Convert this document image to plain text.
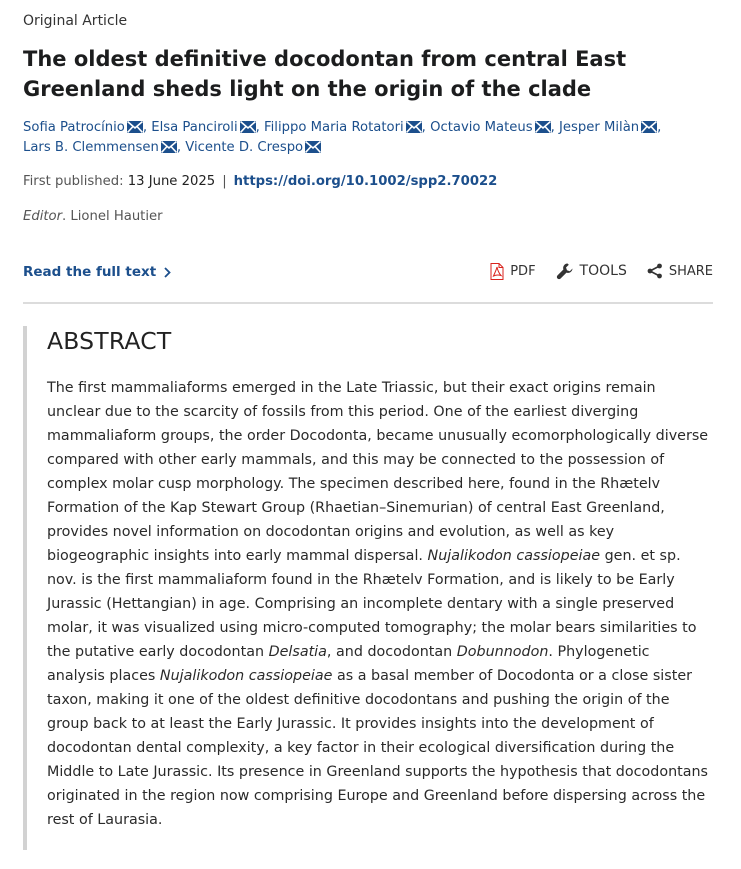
Original Article
The oldest definitive docodontan from central East Greenland sheds light on the origin of the clade
Sofia Patrocínio , Elsa Panciroli , Filippo Maria Rotatori , Octavio Mateus , Jesper Milàn ,
Lars B. Clemmensen , Vicente D. Crespo
First published: 13 June 2025 | https://doi.org/10.1002/spp2.70022
Editor. Lionel Hautier
Read the full text	PDF	TOOLS	SHARE
ABSTRACT

The first mammaliaforms emerged in the Late Triassic, but their exact origins remain unclear due to the scarcity of fossils from this period. One of the earliest diverging mammaliaform groups, the order Docodonta, became unusually ecomorphologically diverse compared with other early mammals, and this may be connected to the possession of complex molar cusp morphology. The specimen described here, found in the Rhætelv Formation of the Kap Stewart Group (Rhaetian–Sinemurian) of central East Greenland, provides novel information on docodontan origins and evolution, as well as key biogeographic insights into early mammal dispersal. Nujalikodon cassiopeiae gen. et sp. nov. is the first mammaliaform found in the Rhætelv Formation, and is likely to be Early Jurassic (Hettangian) in age. Comprising an incomplete dentary with a single preserved molar, it was visualized using micro-computed tomography; the molar bears similarities to the putative early docodontan Delsatia, and docodontan Dobunnodon. Phylogenetic analysis places Nujalikodon cassiopeiae as a basal member of Docodonta or a close sister taxon, making it one of the oldest definitive docodontans and pushing the origin of the group back to at least the Early Jurassic. It provides insights into the development of docodontan dental complexity, a key factor in their ecological diversification during the Middle to Late Jurassic. Its presence in Greenland supports the hypothesis that docodontans originated in the region now comprising Europe and Greenland before dispersing across the rest of Laurasia.
